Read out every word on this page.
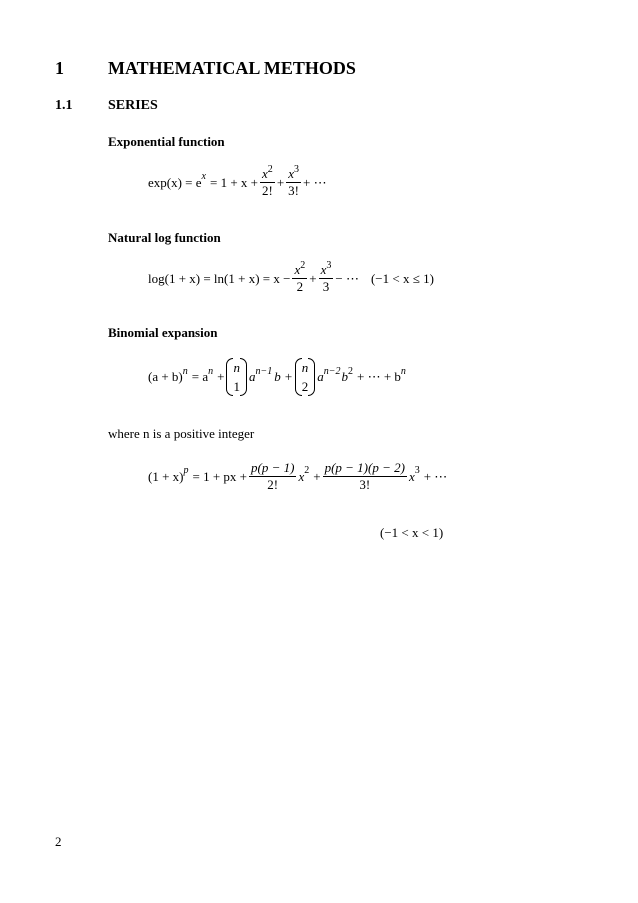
1 MATHEMATICAL METHODS
1.1	SERIES
Exponential function
exp(x) = e $x = 1 + x + \frac{x^2}{2!} + \frac{x^3}{3!}$ + ⋯
Natural log function
$\log(1 + x) = \ln(1 + x) = x - \frac{x^2}{2} + \frac{x^3}{3}$ − ⋯ (−1 < x ≤ 1)
Binomial expansion
(a + b) n = a n +
n
1
a n−1 b +
n
2
a n−2 b 2 + ⋯ + b n
where n is a positive integer
(1 + x) p = 1 + px + $\frac{p(p - 1)}{2!}$ x $2 + \frac{p(p - 1)(p - 2)}{3!}$ x 3 + ⋯
(−1 < x < 1)
2
